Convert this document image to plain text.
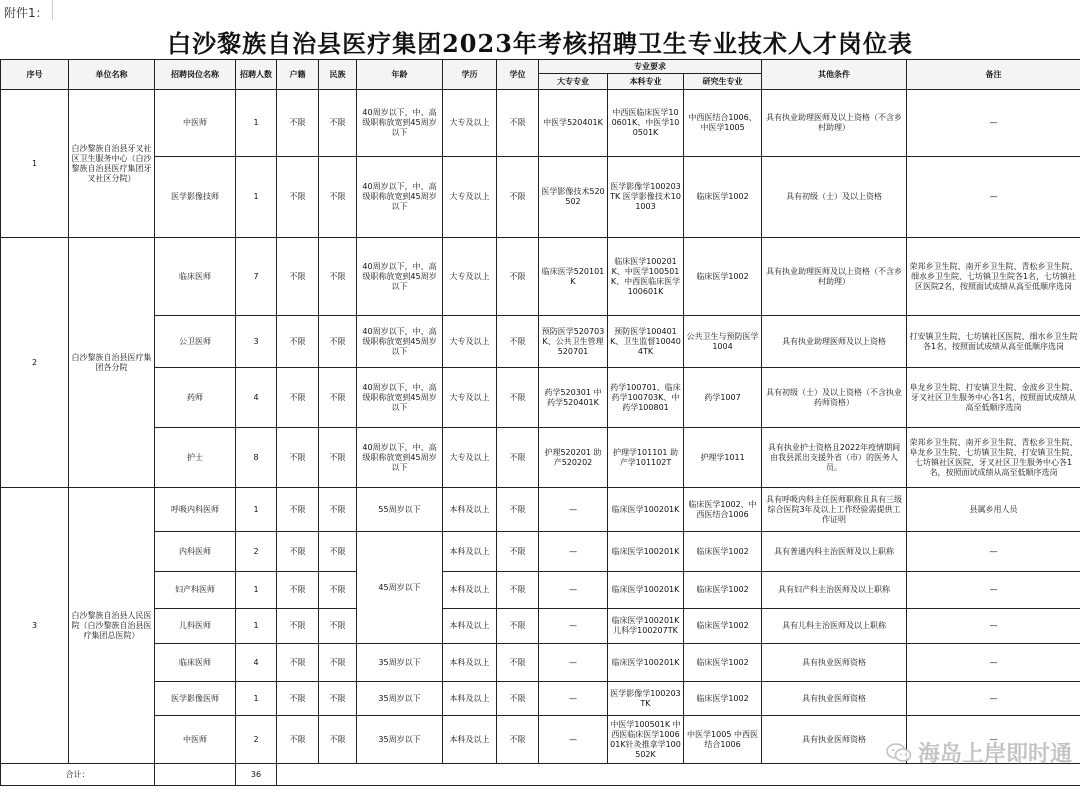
附件1：
白沙黎族自治县医疗集团2023年考核招聘卫生专业技术人才岗位表
序号	单位名称	招聘岗位名称	招聘人数	户籍	民族	年龄	学历	学位	专业要求			其他条件	备注
									大专专业	本科专业	研究生专业		
1	白沙黎族自治县牙叉社区卫生服务中心（白沙黎族自治县医疗集团牙叉社区分院）	中医师	1	不限	不限	40周岁以下，中、高级职称放宽到45周岁以下	大专及以上	不限	中医学520401K	中西医临床医学100601K、中医学100501K	中西医结合1006、中医学1005	具有执业助理医师及以上资格（不含乡村助理）	—
		医学影像技师	1	不限	不限	40周岁以下，中、高级职称放宽到45周岁以下	大专及以上	不限	医学影像技术520502	医学影像学100203TK 医学影像技术101003	临床医学1002	具有初级（士）及以上资格	—
2	白沙黎族自治县医疗集团各分院	临床医师	7	不限	不限	40周岁以下，中、高级职称放宽到45周岁以下	大专及以上	不限	临床医学520101K	临床医学100201K、中医学100501K、中西医临床医学100601K	临床医学1002	具有执业助理医师及以上资格（不含乡村助理）	荣邦乡卫生院、南开乡卫生院、青松乡卫生院、细水乡卫生院、七坊镇卫生院各1名，七坊镇社区医院2名，按照面试成绩从高至低顺序选岗
		公卫医师	3	不限	不限	40周岁以下，中、高级职称放宽到45周岁以下	大专及以上	不限	预防医学520703K、公共卫生管理520701	预防医学100401K、卫生监督100404TK	公共卫生与预防医学1004	具有执业助理医师及以上资格	打安镇卫生院、七坊镇社区医院、细水乡卫生院各1名，按照面试成绩从高至低顺序选岗
		药师	4	不限	不限	40周岁以下，中、高级职称放宽到45周岁以下	大专及以上	不限	药学520301 中药学520401K	药学100701、临床药学100703K、中药学100801	药学1007	具有初级（士）及以上资格（不含执业药师资格）	阜龙乡卫生院、打安镇卫生院、金波乡卫生院、牙叉社区卫生服务中心各1名，按照面试成绩从高至低顺序选岗
		护士	8	不限	不限	40周岁以下，中、高级职称放宽到45周岁以下	大专及以上	不限	护理520201 助产520202	护理学101101 助产学101102T	护理学1011	具有执业护士资格且2022年疫情期间由我县派出支援外省（市）的医务人员。	荣邦乡卫生院、南开乡卫生院、青松乡卫生院、阜龙乡卫生院、七坊镇卫生院、打安镇卫生院、七坊镇社区医院、牙叉社区卫生服务中心各1名，按照面试成绩从高至低顺序选岗
3	白沙黎族自治县人民医院（白沙黎族自治县医疗集团总医院）	呼吸内科医师	1	不限	不限	55周岁以下	本科及以上	不限	—	临床医学100201K	临床医学1002、中西医结合1006	具有呼吸内科主任医师职称且具有三级综合医院3年及以上工作经验需提供工作证明	县属乡用人员
		内科医师	2	不限	不限	45周岁以下	本科及以上	不限	—	临床医学100201K	临床医学1002	具有普通内科主治医师及以上职称	—
		妇产科医师	1	不限	不限		本科及以上	不限	—	临床医学100201K	临床医学1002	具有妇产科主治医师及以上职称	—
		儿科医师	1	不限	不限		本科及以上	不限	—	临床医学100201K 儿科学100207TK	临床医学1002	具有儿科主治医师及以上职称	—
		临床医师	4	不限	不限	35周岁以下	本科及以上	不限	—	临床医学100201K	临床医学1002	具有执业医师资格	—
		医学影像医师	1	不限	不限	35周岁以下	本科及以上	不限	—	医学影像学100203TK	临床医学1002	具有执业医师资格	—
		中医师	2	不限	不限	35周岁以下	本科及以上	不限	—	中医学100501K 中西医临床医学100601K针灸推拿学100502K	中医学1005 中西医结合1006	具有执业医师资格	—
合计：			36										
海岛上岸即时通
